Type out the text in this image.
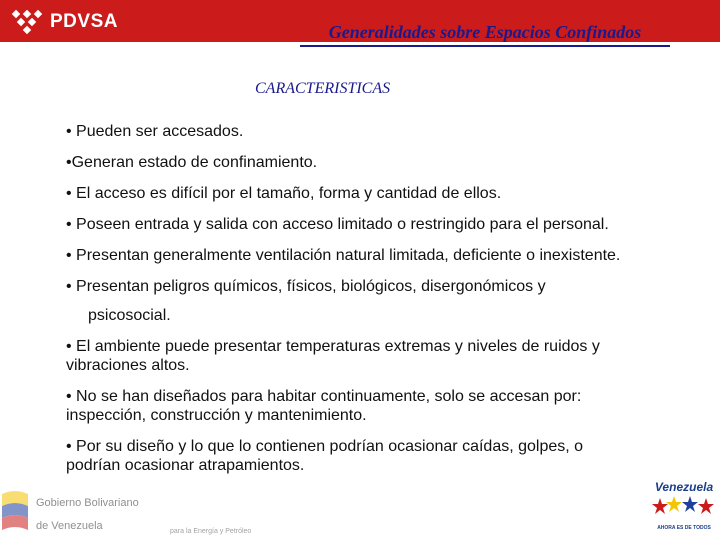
PDVSA	Generalidades sobre Espacios Confinados
CARACTERISTICAS
• Pueden ser accesados.
•Generan estado de confinamiento.
• El acceso es difícil por el tamaño, forma y cantidad de ellos.
• Poseen entrada y salida con acceso limitado o restringido para el personal.
• Presentan generalmente ventilación natural limitada, deficiente o inexistente.
• Presentan peligros químicos, físicos, biológicos, disergonómicos y
psicosocial.
• El ambiente puede presentar temperaturas extremas y niveles de ruidos y vibraciones altos.
• No se han diseñados para habitar continuamente, solo se accesan por: inspección, construcción y mantenimiento.
• Por su diseño y lo que lo contienen podrían ocasionar caídas, golpes, o podrían ocasionar atrapamientos.
Gobierno Bolivariano
de Venezuela	para la Energía y Petróleo
Venezuela
AHORA ES DE TODOS
